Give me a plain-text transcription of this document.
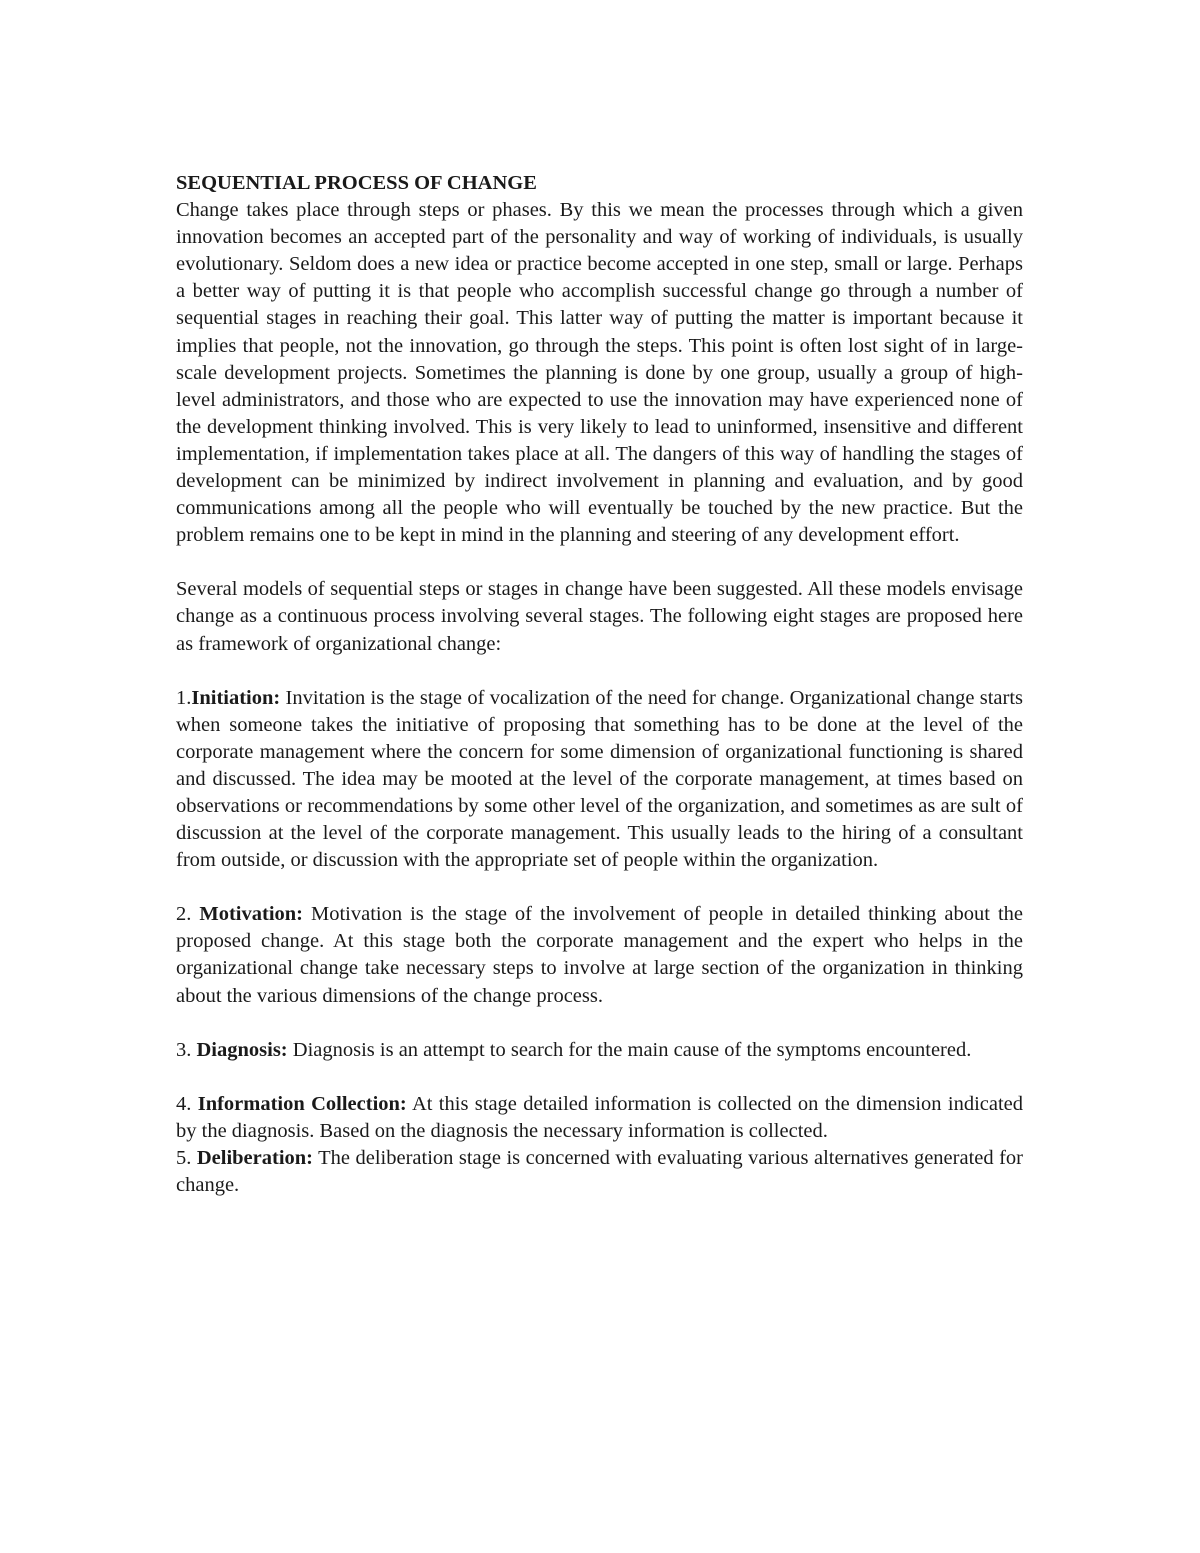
SEQUENTIAL PROCESS OF CHANGE

Change takes place through steps or phases. By this we mean the processes through which a given innovation becomes an accepted part of the personality and way of working of individuals, is usually evolutionary. Seldom does a new idea or practice become accepted in one step, small or large. Perhaps a better way of putting it is that people who accomplish successful change go through a number of sequential stages in reaching their goal. This latter way of putting the matter is important because it implies that people, not the innovation, go through the steps. This point is often lost sight of in large-scale development projects. Sometimes the planning is done by one group, usually a group of high-level administrators, and those who are expected to use the innovation may have experienced none of the development thinking involved. This is very likely to lead to uninformed, insensitive and different implementation, if implementation takes place at all. The dangers of this way of handling the stages of development can be minimized by indirect involvement in planning and evaluation, and by good communications among all the people who will eventually be touched by the new practice. But the problem remains one to be kept in mind in the planning and steering of any development effort.

Several models of sequential steps or stages in change have been suggested. All these models envisage change as a continuous process involving several stages. The following eight stages are proposed here as framework of organizational change:

1.Initiation: Invitation is the stage of vocalization of the need for change. Organizational change starts when someone takes the initiative of proposing that something has to be done at the level of the corporate management where the concern for some dimension of organizational functioning is shared and discussed. The idea may be mooted at the level of the corporate management, at times based on observations or recommendations by some other level of the organization, and sometimes as are sult of discussion at the level of the corporate management. This usually leads to the hiring of a consultant from outside, or discussion with the appropriate set of people within the organization.

2. Motivation: Motivation is the stage of the involvement of people in detailed thinking about the proposed change. At this stage both the corporate management and the expert who helps in the organizational change take necessary steps to involve at large section of the organization in thinking about the various dimensions of the change process.

3. Diagnosis: Diagnosis is an attempt to search for the main cause of the symptoms encountered.

4. Information Collection: At this stage detailed information is collected on the dimension indicated by the diagnosis. Based on the diagnosis the necessary information is collected.

5. Deliberation: The deliberation stage is concerned with evaluating various alternatives generated for change.
